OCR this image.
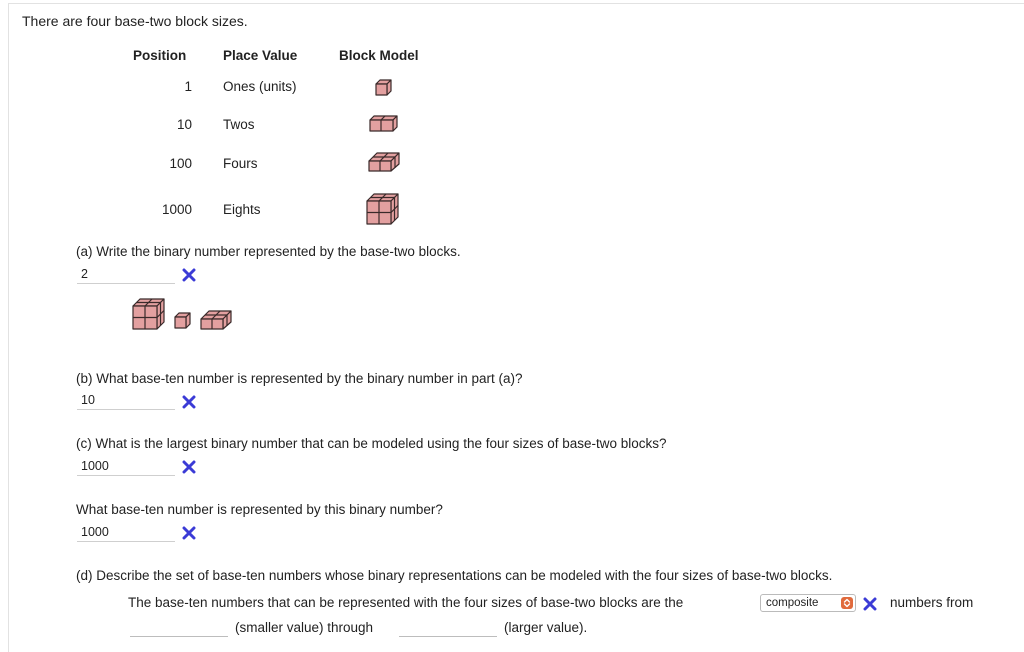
There are four base-two block sizes.
Position	Place Value	Block Model
1 Ones (units)
10 Twos
100 Fours
1000 Eights
(a) Write the binary number represented by the base-two blocks.
2
(b) What base-ten number is represented by the binary number in part (a)?
10
(c) What is the largest binary number that can be modeled using the four sizes of base-two blocks?
1000
What base-ten number is represented by this binary number?
1000
(d) Describe the set of base-ten numbers whose binary representations can be modeled with the four sizes of base-two blocks.
The base-ten numbers that can be represented with the four sizes of base-two blocks are the	composite	numbers from
(smaller value) through	(larger value).
